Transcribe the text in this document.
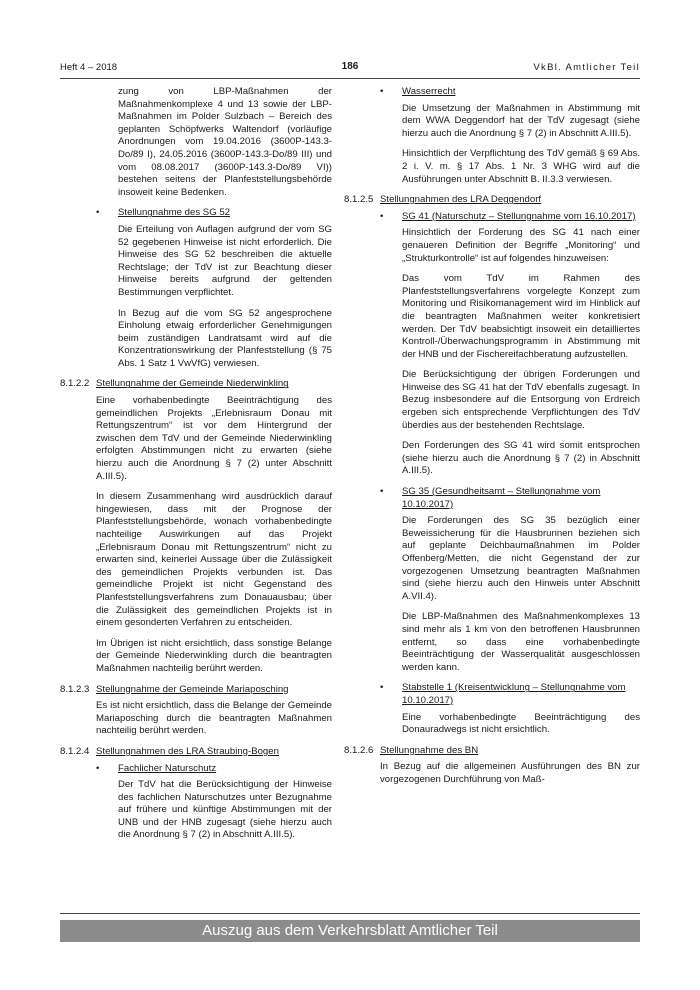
Heft 4 – 2018	186	VkBl. Amtlicher Teil

zung von LBP-Maßnahmen der Maßnahmenkomplexe 4 und 13 sowie der LBP-Maßnahmen im Polder Sulzbach – Bereich des geplanten Schöpfwerks Waltendorf (vorläufige Anordnungen vom 19.04.2016 (3600P-143.3-Do/89 I), 24.05.2016 (3600P-143.3-Do/89 III) und vom 08.08.2017 (3600P-143.3-Do/89 VI)) bestehen seitens der Planfeststellungsbehörde insoweit keine Bedenken.

• Stellungnahme des SG 52

Die Erteilung von Auflagen aufgrund der vom SG 52 gegebenen Hinweise ist nicht erforderlich. Die Hinweise des SG 52 beschreiben die aktuelle Rechtslage; der TdV ist zur Beachtung dieser Hinweise bereits aufgrund der geltenden Bestimmungen verpflichtet.

In Bezug auf die vom SG 52 angesprochene Einholung etwaig erforderlicher Genehmigungen beim zuständigen Landratsamt wird auf die Konzentrationswirkung der Planfeststellung (§ 75 Abs. 1 Satz 1 VwVfG) verwiesen.

8.1.2.2 Stellungnahme der Gemeinde Niederwinkling

Eine vorhabenbedingte Beeinträchtigung des gemeindlichen Projekts „Erlebnisraum Donau mit Rettungszentrum“ ist vor dem Hintergrund der zwischen dem TdV und der Gemeinde Niederwinkling erfolgten Abstimmungen nicht zu erwarten (siehe hierzu auch die Anordnung § 7 (2) unter Abschnitt A.III.5).

In diesem Zusammenhang wird ausdrücklich darauf hingewiesen, dass mit der Prognose der Planfeststellungsbehörde, wonach vorhabenbedingte nachteilige Auswirkungen auf das Projekt „Erlebnisraum Donau mit Rettungszentrum“ nicht zu erwarten sind, keinerlei Aussage über die Zulässigkeit des gemeindlichen Projekts verbunden ist. Das gemeindliche Projekt ist nicht Gegenstand des Planfeststellungsverfahrens zum Donauausbau; über die Zulässigkeit des gemeindlichen Projekts ist in einem gesonderten Verfahren zu entscheiden.

Im Übrigen ist nicht ersichtlich, dass sonstige Belange der Gemeinde Niederwinkling durch die beantragten Maßnahmen nachteilig berührt werden.

8.1.2.3 Stellungnahme der Gemeinde Mariaposching

Es ist nicht ersichtlich, dass die Belange der Gemeinde Mariaposching durch die beantragten Maßnahmen nachteilig berührt werden.

8.1.2.4 Stellungnahmen des LRA Straubing-Bogen
• Fachlicher Naturschutz

Der TdV hat die Berücksichtigung der Hinweise des fachlichen Naturschutzes unter Bezugnahme auf frühere und künftige Abstimmungen mit der UNB und der HNB zugesagt (siehe hierzu auch die Anordnung § 7 (2) in Abschnitt A.III.5).

• Wasserrecht

Die Umsetzung der Maßnahmen in Abstimmung mit dem WWA Deggendorf hat der TdV zugesagt (siehe hierzu auch die Anordnung § 7 (2) in Abschnitt A.III.5).

Hinsichtlich der Verpflichtung des TdV gemäß § 69 Abs. 2 i. V. m. § 17 Abs. 1 Nr. 3 WHG wird auf die Ausführungen unter Abschnitt B. II.3.3 verwiesen.

8.1.2.5 Stellungnahmen des LRA Deggendorf
• SG 41 (Naturschutz – Stellungnahme vom 16.10.2017)

Hinsichtlich der Forderung des SG 41 nach einer genaueren Definition der Begriffe „Monitoring“ und „Strukturkontrolle“ ist auf folgendes hinzuweisen:

Das vom TdV im Rahmen des Planfeststellungsverfahrens vorgelegte Konzept zum Monitoring und Risikomanagement wird im Hinblick auf die beantragten Maßnahmen weiter konkretisiert werden. Der TdV beabsichtigt insoweit ein detailliertes Kontroll-/Überwachungsprogramm in Abstimmung mit der HNB und der Fischereifachberatung aufzustellen.

Die Berücksichtigung der übrigen Forderungen und Hinweise des SG 41 hat der TdV ebenfalls zugesagt. In Bezug insbesondere auf die Entsorgung von Erdreich ergeben sich entsprechende Verpflichtungen des TdV überdies aus der bestehenden Rechtslage.

Den Forderungen des SG 41 wird somit entsprochen (siehe hierzu auch die Anordnung § 7 (2) in Abschnitt A.III.5).

• SG 35 (Gesundheitsamt – Stellungnahme vom 10.10.2017)

Die Forderungen des SG 35 bezüglich einer Beweissicherung für die Hausbrunnen beziehen sich auf geplante Deichbaumaßnahmen im Polder Offenberg/Metten, die nicht Gegenstand der zur vorgezogenen Umsetzung beantragten Maßnahmen sind (siehe hierzu auch den Hinweis unter Abschnitt A.VII.4).

Die LBP-Maßnahmen des Maßnahmenkomplexes 13 sind mehr als 1 km von den betroffenen Hausbrunnen entfernt, so dass eine vorhabenbedingte Beeinträchtigung der Wasserqualität ausgeschlossen werden kann.

• Stabstelle 1 (Kreisentwicklung – Stellungnahme vom 10.10.2017)

Eine vorhabenbedingte Beeinträchtigung des Donauradwegs ist nicht ersichtlich.

8.1.2.6 Stellungnahme des BN

In Bezug auf die allgemeinen Ausführungen des BN zur vorgezogenen Durchführung von Maß-

Auszug aus dem Verkehrsblatt Amtlicher Teil
